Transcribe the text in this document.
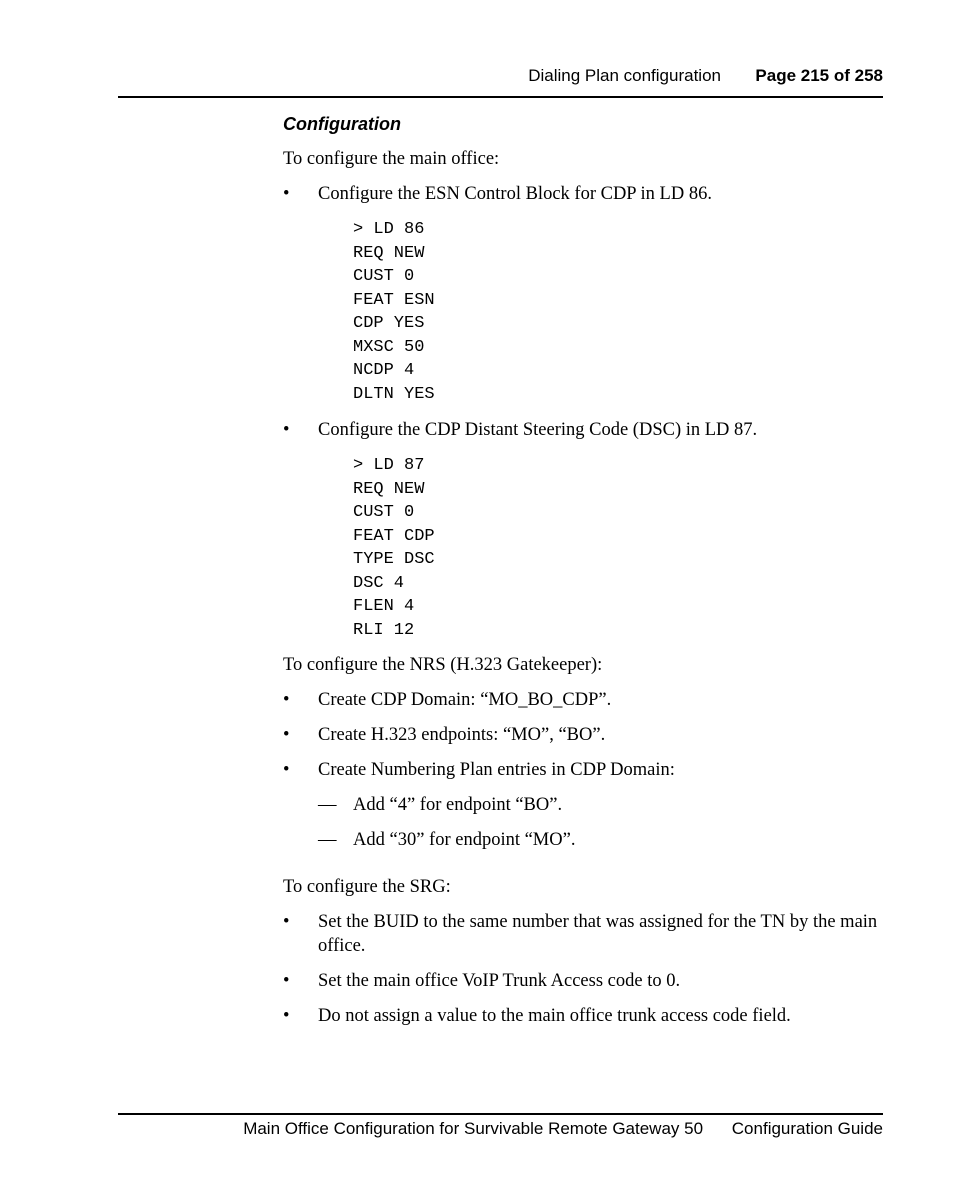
Dialing Plan configuration Page 215 of 258
Configuration

To configure the main office:

• Configure the ESN Control Block for CDP in LD 86.
> LD 86
REQ NEW
CUST 0
FEAT ESN
CDP YES
MXSC 50
NCDP 4
DLTN YES
• Configure the CDP Distant Steering Code (DSC) in LD 87.
> LD 87
REQ NEW
CUST 0
FEAT CDP
TYPE DSC
DSC 4
FLEN 4
RLI 12

To configure the NRS (H.323 Gatekeeper):

• Create CDP Domain: “MO_BO_CDP”.
• Create H.323 endpoints: “MO”, “BO”.
• Create Numbering Plan entries in CDP Domain:
— Add “4” for endpoint “BO”.
— Add “30” for endpoint “MO”.

To configure the SRG:

• Set the BUID to the same number that was assigned for the TN by the main office.
• Set the main office VoIP Trunk Access code to 0.
• Do not assign a value to the main office trunk access code field.
Main Office Configuration for Survivable Remote Gateway 50 Configuration Guide
